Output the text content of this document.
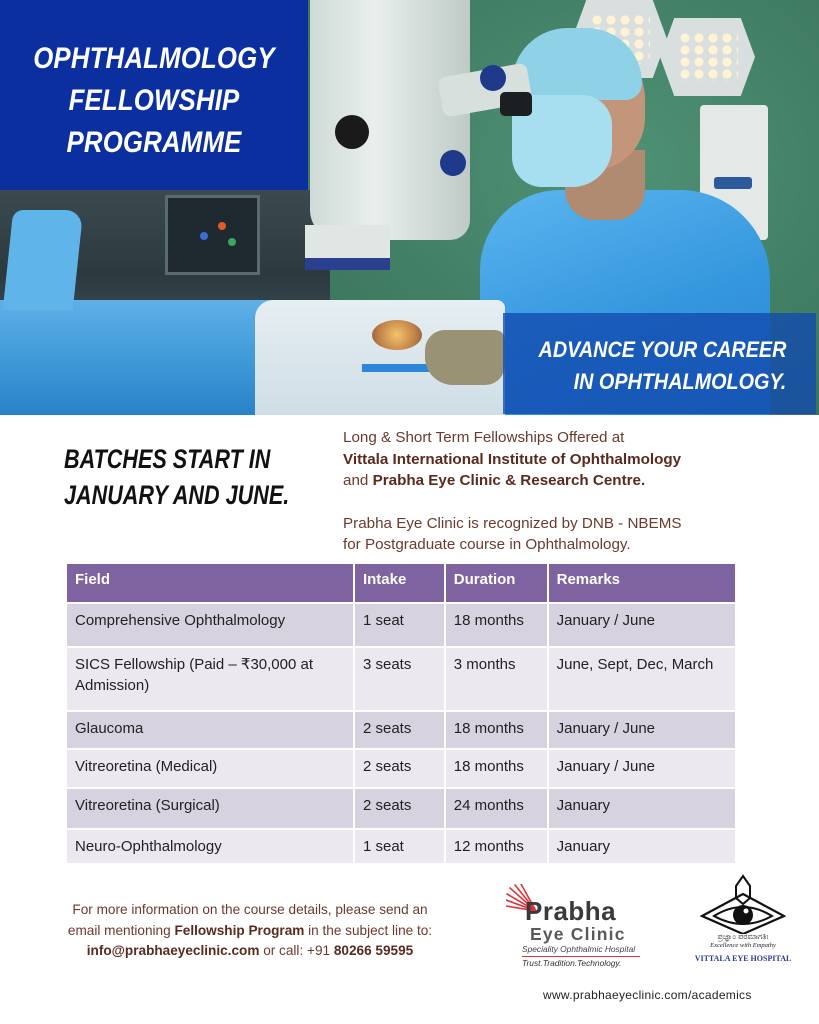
OPHTHALMOLOGY
FELLOWSHIP
PROGRAMME
ADVANCE YOUR CAREER
IN OPHTHALMOLOGY.
BATCHES START IN
JANUARY AND JUNE.
Long & Short Term Fellowships Offered at
Vittala International Institute of Ophthalmology
and Prabha Eye Clinic & Research Centre.
Prabha Eye Clinic is recognized by DNB - NBEMS
for Postgraduate course in Ophthalmology.
Field	Intake	Duration	Remarks
Comprehensive Ophthalmology	1 seat	18 months	January / June
SICS Fellowship (Paid – ₹30,000 at Admission)	3 seats	3 months	June, Sept, Dec, March
Glaucoma	2 seats	18 months	January / June
Vitreoretina (Medical)	2 seats	18 months	January / June
Vitreoretina (Surgical)	2 seats	24 months	January
Neuro-Ophthalmology	1 seat	12 months	January
For more information on the course details, please send an
email mentioning Fellowship Program in the subject line to:
info@prabhaeyeclinic.com or call: +91 80266 59595
Prabha
Eye Clinic
Speciality Ophthalmic Hospital
Trust.Tradition.Technology.
ಪ್ರಜ್ಞಾಂ ಪರಮಾಗತಿಃ
Excellence with Empathy
VITTALA EYE HOSPITAL
www.prabhaeyeclinic.com/academics
